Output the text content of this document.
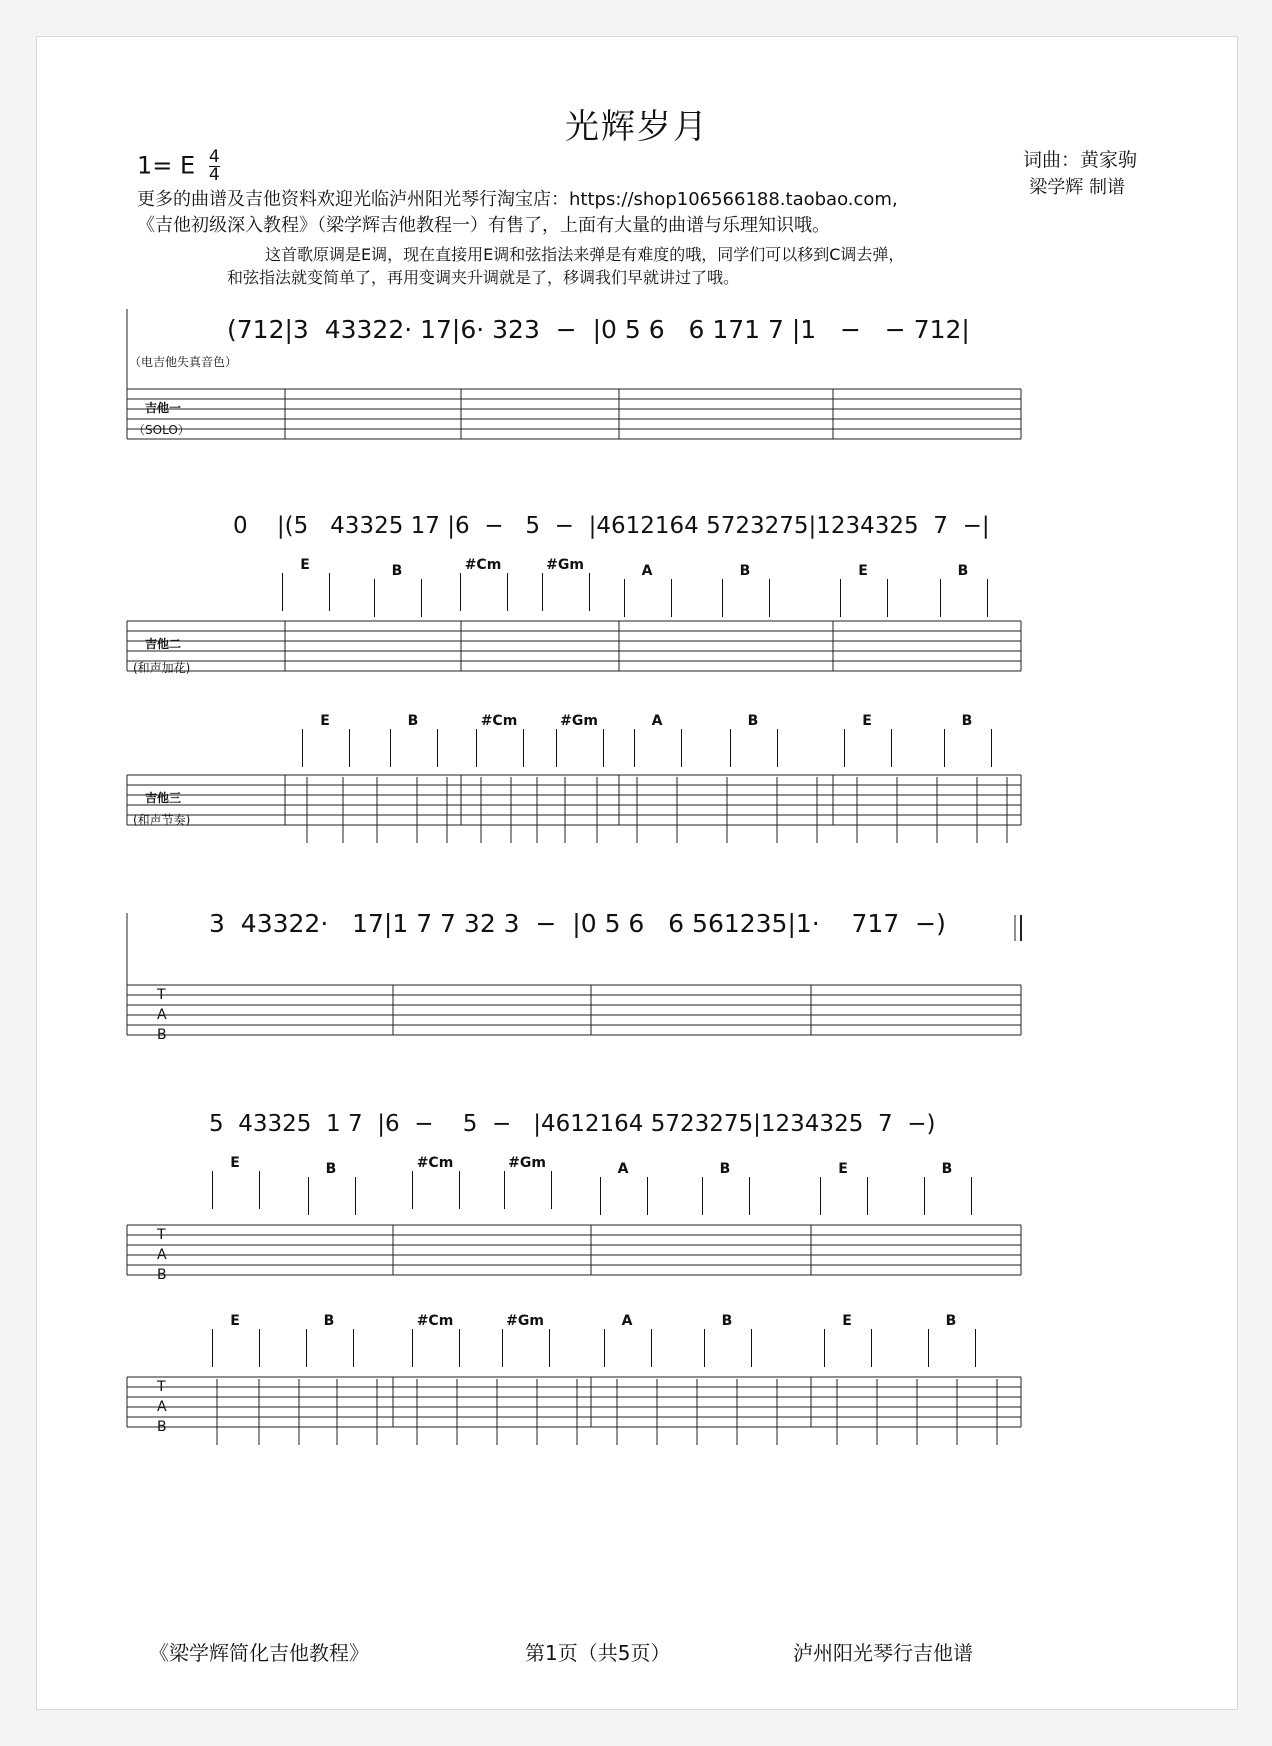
光辉岁月
1= E $\frac{4}{4}$	词曲：黄家驹
梁学辉 制谱
更多的曲谱及吉他资料欢迎光临泸州阳光琴行淘宝店：https://shop106566188.taobao.com,
《吉他初级深入教程》（梁学辉吉他教程一）有售了，上面有大量的曲谱与乐理知识哦。
这首歌原调是E调，现在直接用E调和弦指法来弹是有难度的哦，同学们可以移到C调去弹，
和弦指法就变简单了，再用变调夹升调就是了，移调我们早就讲过了哦。
(712|3  43322· 17|6· 323  −  |0 5 6   6 171 7 |1   −   − 712|
（电吉他失真音色）
吉他一
（SOLO）
0    |(5   43325 17 |6  −   5  −  |4612164 5723275|1234325  7  −|
吉他二
(和声加花)
吉他三
(和声节奏)
E	B	#Cm	#Gm	A	B	E	B
E	B	#Cm	#Gm	A	B	E	B
3  43322·   17|1 7 7 32 3  −  |0 5 6   6 561235|1·    717  −)
5  43325  1 7  |6  −    5  −   |4612164 5723275|1234325  7  −)
T
A
B
T
A
B
T
A
B
E	B	#Cm	#Gm	A	B	E	B
E	B	#Cm	#Gm	A	B	E	B
《梁学辉简化吉他教程》	第1页（共5页）	泸州阳光琴行吉他谱
